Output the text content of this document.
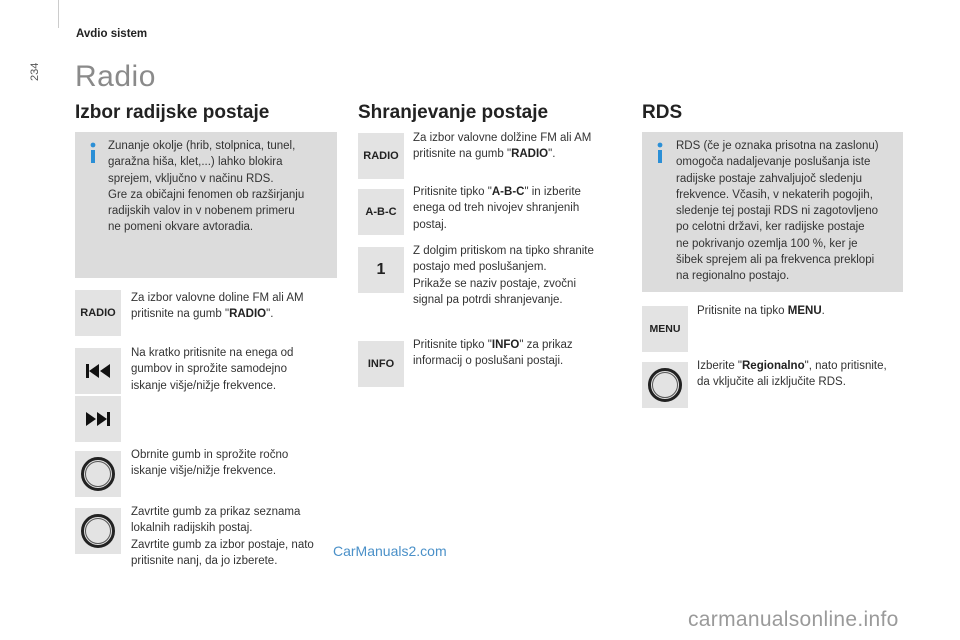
234
Avdio sistem
Radio
Izbor radijske postaje
Zunanje okolje (hrib, stolpnica, tunel,
garažna hiša, klet,...) lahko blokira
sprejem, vključno v načinu RDS.
Gre za običajni fenomen ob razširjanju
radijskih valov in v nobenem primeru
ne pomeni okvare avtoradia.
RADIO
Za izbor valovne doline FM ali AM
pritisnite na gumb "RADIO".
Na kratko pritisnite na enega od
gumbov in sprožite samodejno
iskanje višje/nižje frekvence.
Obrnite gumb in sprožite ročno
iskanje višje/nižje frekvence.
Zavrtite gumb za prikaz seznama
lokalnih radijskih postaj.
Zavrtite gumb za izbor postaje, nato
pritisnite nanj, da jo izberete.
Shranjevanje postaje
RADIO
Za izbor valovne dolžine FM ali AM
pritisnite na gumb "RADIO".
A-B-C
Pritisnite tipko "A-B-C" in izberite
enega od treh nivojev shranjenih
postaj.
1
Z dolgim pritiskom na tipko shranite
postajo med poslušanjem.
Prikaže se naziv postaje, zvočni
signal pa potrdi shranjevanje.
INFO
Pritisnite tipko "INFO" za prikaz
informacij o poslušani postaji.
RDS
RDS (če je oznaka prisotna na zaslonu)
omogoča nadaljevanje poslušanja iste
radijske postaje zahvaljujoč sledenju
frekvence. Včasih, v nekaterih pogojih,
sledenje tej postaji RDS ni zagotovljeno
po celotni državi, ker radijske postaje
ne pokrivanjo ozemlja 100 %, ker je
šibek sprejem ali pa frekvenca preklopi
na regionalno postajo.
MENU
Pritisnite na tipko MENU.
Izberite "Regionalno", nato pritisnite,
da vključite ali izključite RDS.
CarManuals2.com
carmanualsonline.info
